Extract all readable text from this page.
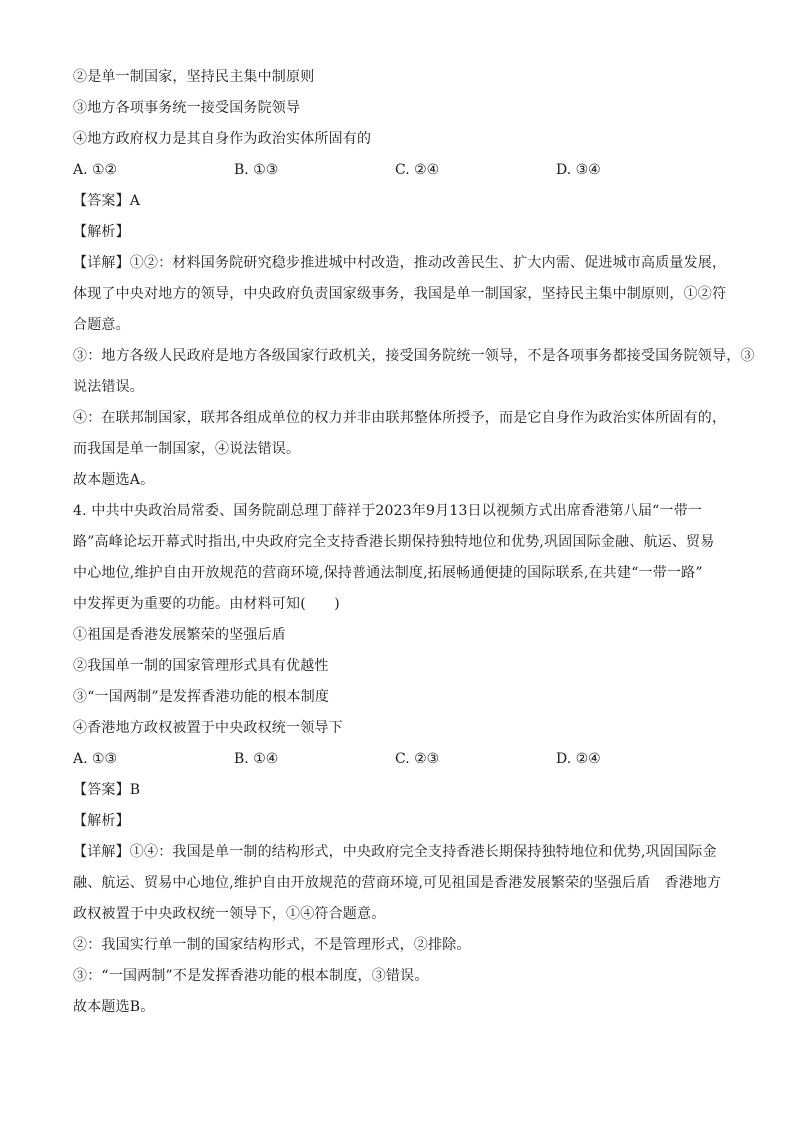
②是单一制国家，坚持民主集中制原则
③地方各项事务统一接受国务院领导
④地方政府权力是其自身作为政治实体所固有的
A. ①②	B. ①③	C. ②④	D. ③④
【答案】A
【解析】
【详解】①②：材料国务院研究稳步推进城中村改造，推动改善民生、扩大内需、促进城市高质量发展，
体现了中央对地方的领导，中央政府负责国家级事务，我国是单一制国家，坚持民主集中制原则，①②符
合题意。
③：地方各级人民政府是地方各级国家行政机关，接受国务院统一领导，不是各项事务都接受国务院领导，③
说法错误。
④：在联邦制国家，联邦各组成单位的权力并非由联邦整体所授予，而是它自身作为政治实体所固有的，
而我国是单一制国家，④说法错误。
故本题选A。
4. 中共中央政治局常委、国务院副总理丁薛祥于2023年9月13日以视频方式出席香港第八届“一带一
路”高峰论坛开幕式时指出,中央政府完全支持香港长期保持独特地位和优势,巩固国际金融、航运、贸易
中心地位,维护自由开放规范的营商环境,保持普通法制度,拓展畅通便捷的国际联系,在共建“一带一路”
中发挥更为重要的功能。由材料可知(　　)
①祖国是香港发展繁荣的坚强后盾
②我国单一制的国家管理形式具有优越性
③“一国两制”是发挥香港功能的根本制度
④香港地方政权被置于中央政权统一领导下
A. ①③	B. ①④	C. ②③	D. ②④
【答案】B
【解析】
【详解】①④：我国是单一制的结构形式，中央政府完全支持香港长期保持独特地位和优势,巩固国际金
融、航运、贸易中心地位,维护自由开放规范的营商环境,可见祖国是香港发展繁荣的坚强后盾　香港地方
政权被置于中央政权统一领导下，①④符合题意。
②：我国实行单一制的国家结构形式，不是管理形式，②排除。
③：“一国两制”不是发挥香港功能的根本制度，③错误。
故本题选B。
